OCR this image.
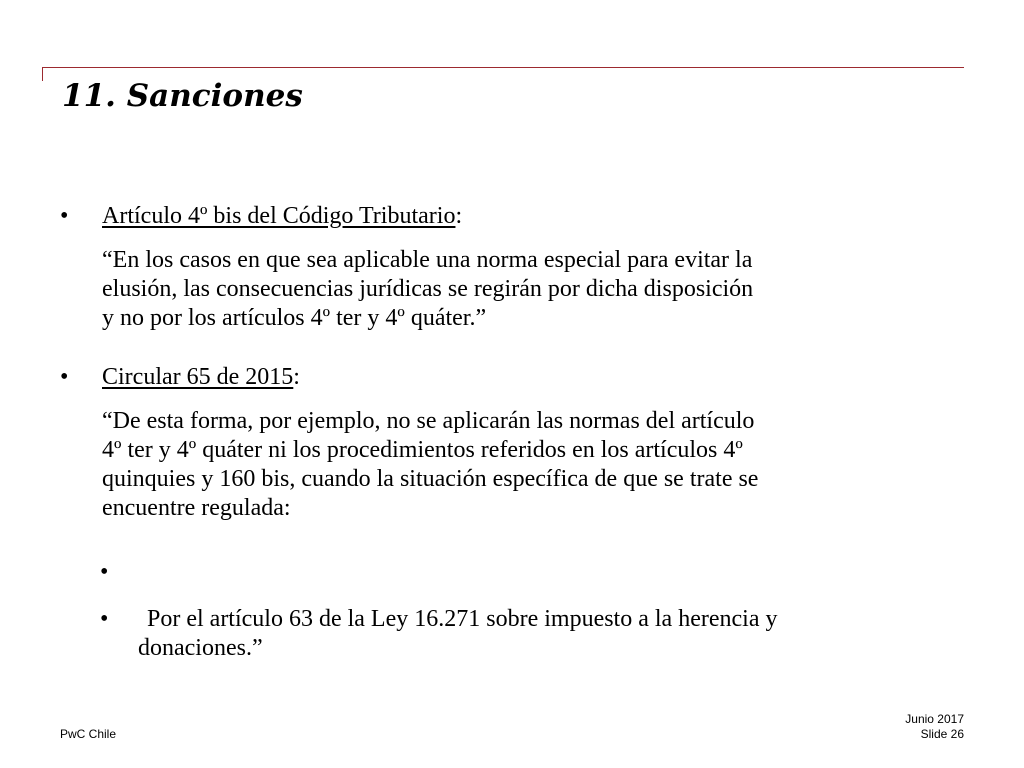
11. Sanciones
• Artículo 4º bis del Código Tributario:
“En los casos en que sea aplicable una norma especial para evitar la
elusión, las consecuencias jurídicas se regirán por dicha disposición
y no por los artículos 4º ter y 4º quáter.”
• Circular 65 de 2015:
“De esta forma, por ejemplo, no se aplicarán las normas del artículo
4º ter y 4º quáter ni los procedimientos referidos en los artículos 4º
quinquies y 160 bis, cuando la situación específica de que se trate se
encuentre regulada:
•
•	Por el artículo 63 de la Ley 16.271 sobre impuesto a la herencia y
donaciones.”
PwC Chile
Junio 2017
Slide 26
